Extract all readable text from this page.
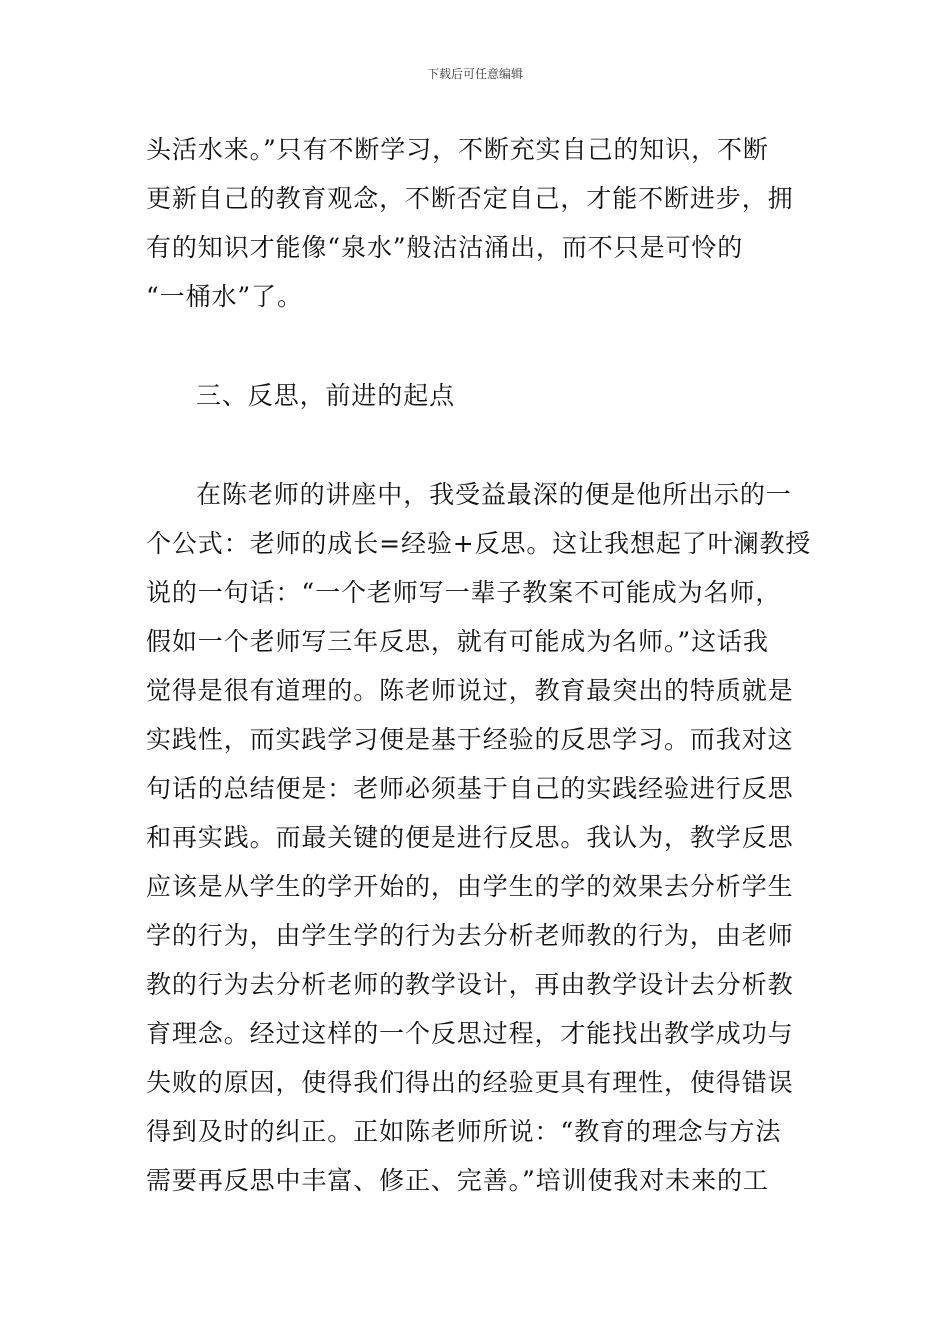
下载后可任意编辑
头活水来。”只有不断学习，不断充实自己的知识，不断
更新自己的教育观念，不断否定自己，才能不断进步，拥
有的知识才能像“泉水”般沽沽涌出，而不只是可怜的
“一桶水”了。
三、反思，前进的起点
在陈老师的讲座中，我受益最深的便是他所出示的一
个公式：老师的成长=经验+反思。这让我想起了叶澜教授
说的一句话：“一个老师写一辈子教案不可能成为名师，
假如一个老师写三年反思，就有可能成为名师。”这话我
觉得是很有道理的。陈老师说过，教育最突出的特质就是
实践性，而实践学习便是基于经验的反思学习。而我对这
句话的总结便是：老师必须基于自己的实践经验进行反思
和再实践。而最关键的便是进行反思。我认为，教学反思
应该是从学生的学开始的，由学生的学的效果去分析学生
学的行为，由学生学的行为去分析老师教的行为，由老师
教的行为去分析老师的教学设计，再由教学设计去分析教
育理念。经过这样的一个反思过程，才能找出教学成功与
失败的原因，使得我们得出的经验更具有理性，使得错误
得到及时的纠正。正如陈老师所说：“教育的理念与方法
需要再反思中丰富、修正、完善。”培训使我对未来的工
